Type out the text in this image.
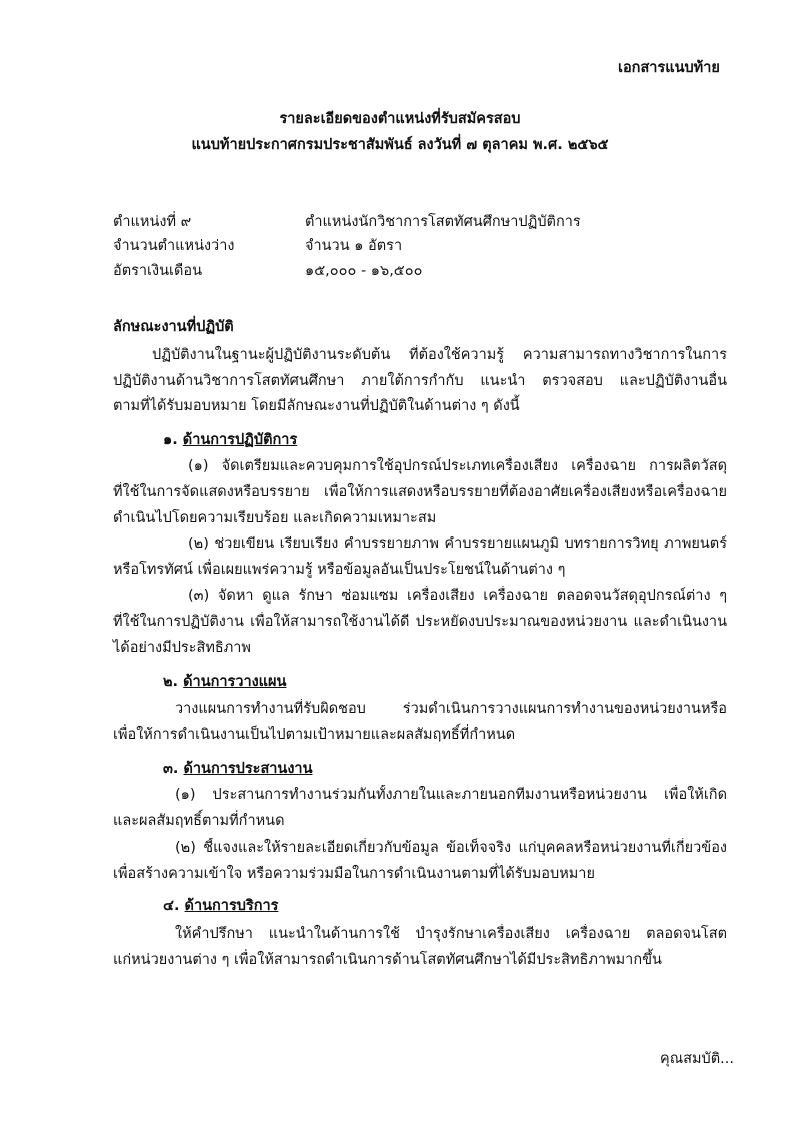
เอกสารแนบท้าย
รายละเอียดของตำแหน่งที่รับสมัครสอบ
แนบท้ายประกาศกรมประชาสัมพันธ์ ลงวันที่ ๗ ตุลาคม พ.ศ. ๒๕๖๕
ตำแหน่งที่ ๙	ตำแหน่งนักวิชาการโสตทัศนศึกษาปฏิบัติการ
จำนวนตำแหน่งว่าง	จำนวน ๑ อัตรา
อัตราเงินเดือน	๑๕,๐๐๐ - ๑๖,๕๐๐
ลักษณะงานที่ปฏิบัติ
ปฏิบัติงานในฐานะผู้ปฏิบัติงานระดับต้น ที่ต้องใช้ความรู้ ความสามารถทางวิชาการในการ
ปฏิบัติงานด้านวิชาการโสตทัศนศึกษา ภายใต้การกำกับ แนะนำ ตรวจสอบ และปฏิบัติงานอื่น
ตามที่ได้รับมอบหมาย โดยมีลักษณะงานที่ปฏิบัติในด้านต่าง ๆ ดังนี้
๑. ด้านการปฏิบัติการ
(๑) จัดเตรียมและควบคุมการใช้อุปกรณ์ประเภทเครื่องเสียง เครื่องฉาย การผลิตวัสดุ
ที่ใช้ในการจัดแสดงหรือบรรยาย เพื่อให้การแสดงหรือบรรยายที่ต้องอาศัยเครื่องเสียงหรือเครื่องฉาย
ดำเนินไปโดยความเรียบร้อย และเกิดความเหมาะสม
(๒) ช่วยเขียน เรียบเรียง คำบรรยายภาพ คำบรรยายแผนภูมิ บทรายการวิทยุ ภาพยนตร์
หรือโทรทัศน์ เพื่อเผยแพร่ความรู้ หรือข้อมูลอันเป็นประโยชน์ในด้านต่าง ๆ
(๓) จัดหา ดูแล รักษา ซ่อมแซม เครื่องเสียง เครื่องฉาย ตลอดจนวัสดุอุปกรณ์ต่าง ๆ
ที่ใช้ในการปฏิบัติงาน เพื่อให้สามารถใช้งานได้ดี ประหยัดงบประมาณของหน่วยงาน และดำเนินงาน
ได้อย่างมีประสิทธิภาพ
๒. ด้านการวางแผน
วางแผนการทำงานที่รับผิดชอบ ร่วมดำเนินการวางแผนการทำงานของหน่วยงานหรือ
เพื่อให้การดำเนินงานเป็นไปตามเป้าหมายและผลสัมฤทธิ์ที่กำหนด
๓. ด้านการประสานงาน
(๑) ประสานการทำงานร่วมกันทั้งภายในและภายนอกทีมงานหรือหน่วยงาน เพื่อให้เกิด
และผลสัมฤทธิ์ตามที่กำหนด
(๒) ชี้แจงและให้รายละเอียดเกี่ยวกับข้อมูล ข้อเท็จจริง แก่บุคคลหรือหน่วยงานที่เกี่ยวข้อง
เพื่อสร้างความเข้าใจ หรือความร่วมมือในการดำเนินงานตามที่ได้รับมอบหมาย
๔. ด้านการบริการ
ให้คำปรึกษา แนะนำในด้านการใช้ บำรุงรักษาเครื่องเสียง เครื่องฉาย ตลอดจนโสต
แก่หน่วยงานต่าง ๆ เพื่อให้สามารถดำเนินการด้านโสตทัศนศึกษาได้มีประสิทธิภาพมากขึ้น
คุณสมบัติ...
